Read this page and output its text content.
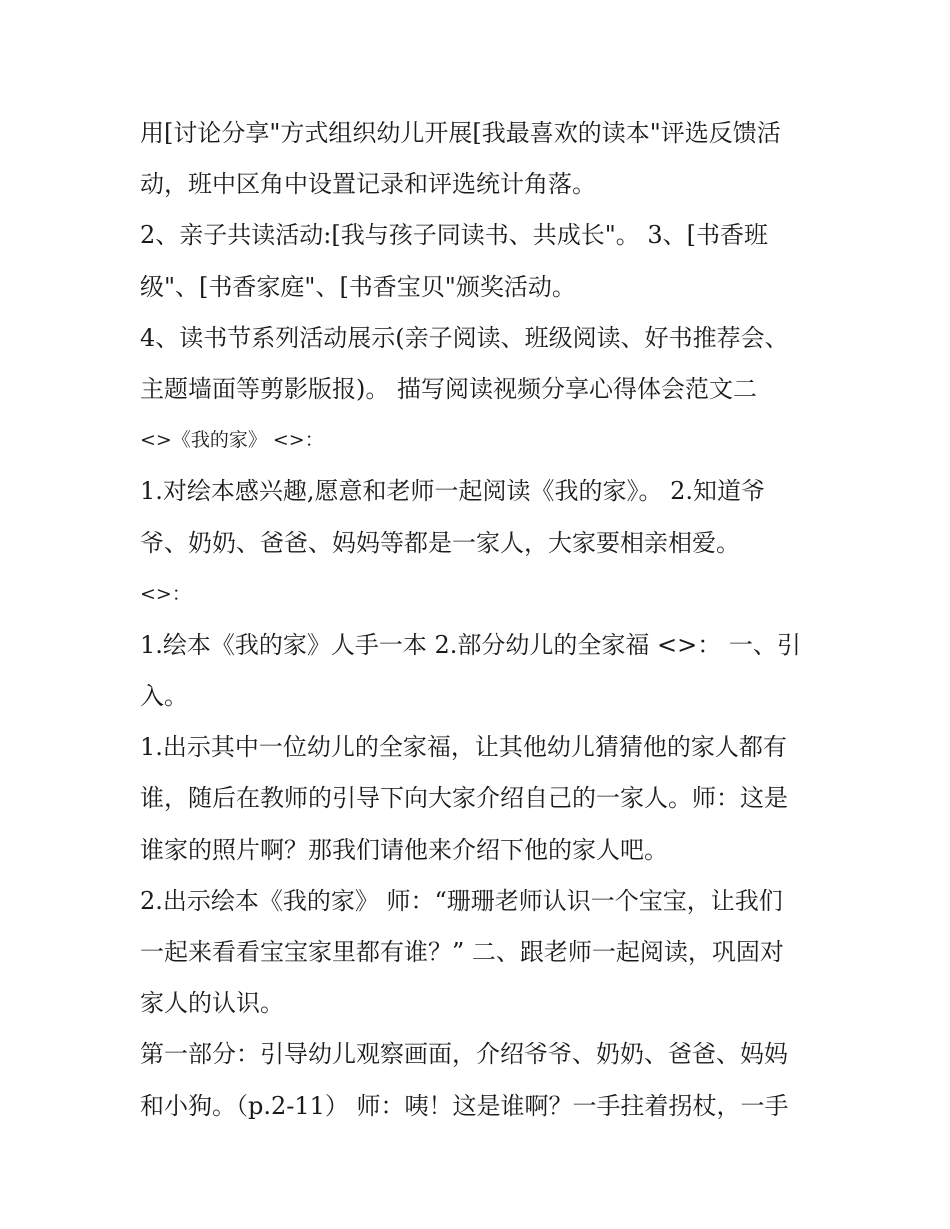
用[讨论分享"方式组织幼儿开展[我最喜欢的读本"评选反馈活
动，班中区角中设置记录和评选统计角落。
2、亲子共读活动:[我与孩子同读书、共成长"。 3、[书香班
级"、[书香家庭"、[书香宝贝"颁奖活动。
4、读书节系列活动展示(亲子阅读、班级阅读、好书推荐会、
主题墙面等剪影版报)。 描写阅读视频分享心得体会范文二
<>《我的家》 <>：
1.对绘本感兴趣,愿意和老师一起阅读《我的家》。 2.知道爷
爷、奶奶、爸爸、妈妈等都是一家人，大家要相亲相爱。
<>：
1.绘本《我的家》人手一本 2.部分幼儿的全家福 <>： 一、引
入。
1.出示其中一位幼儿的全家福，让其他幼儿猜猜他的家人都有
谁，随后在教师的引导下向大家介绍自己的一家人。师：这是
谁家的照片啊？那我们请他来介绍下他的家人吧。
2.出示绘本《我的家》 师：“珊珊老师认识一个宝宝，让我们
一起来看看宝宝家里都有谁？” 二、跟老师一起阅读，巩固对
家人的认识。
第一部分：引导幼儿观察画面，介绍爷爷、奶奶、爸爸、妈妈
和小狗。（p.2-11） 师：咦！这是谁啊？一手拄着拐杖，一手
